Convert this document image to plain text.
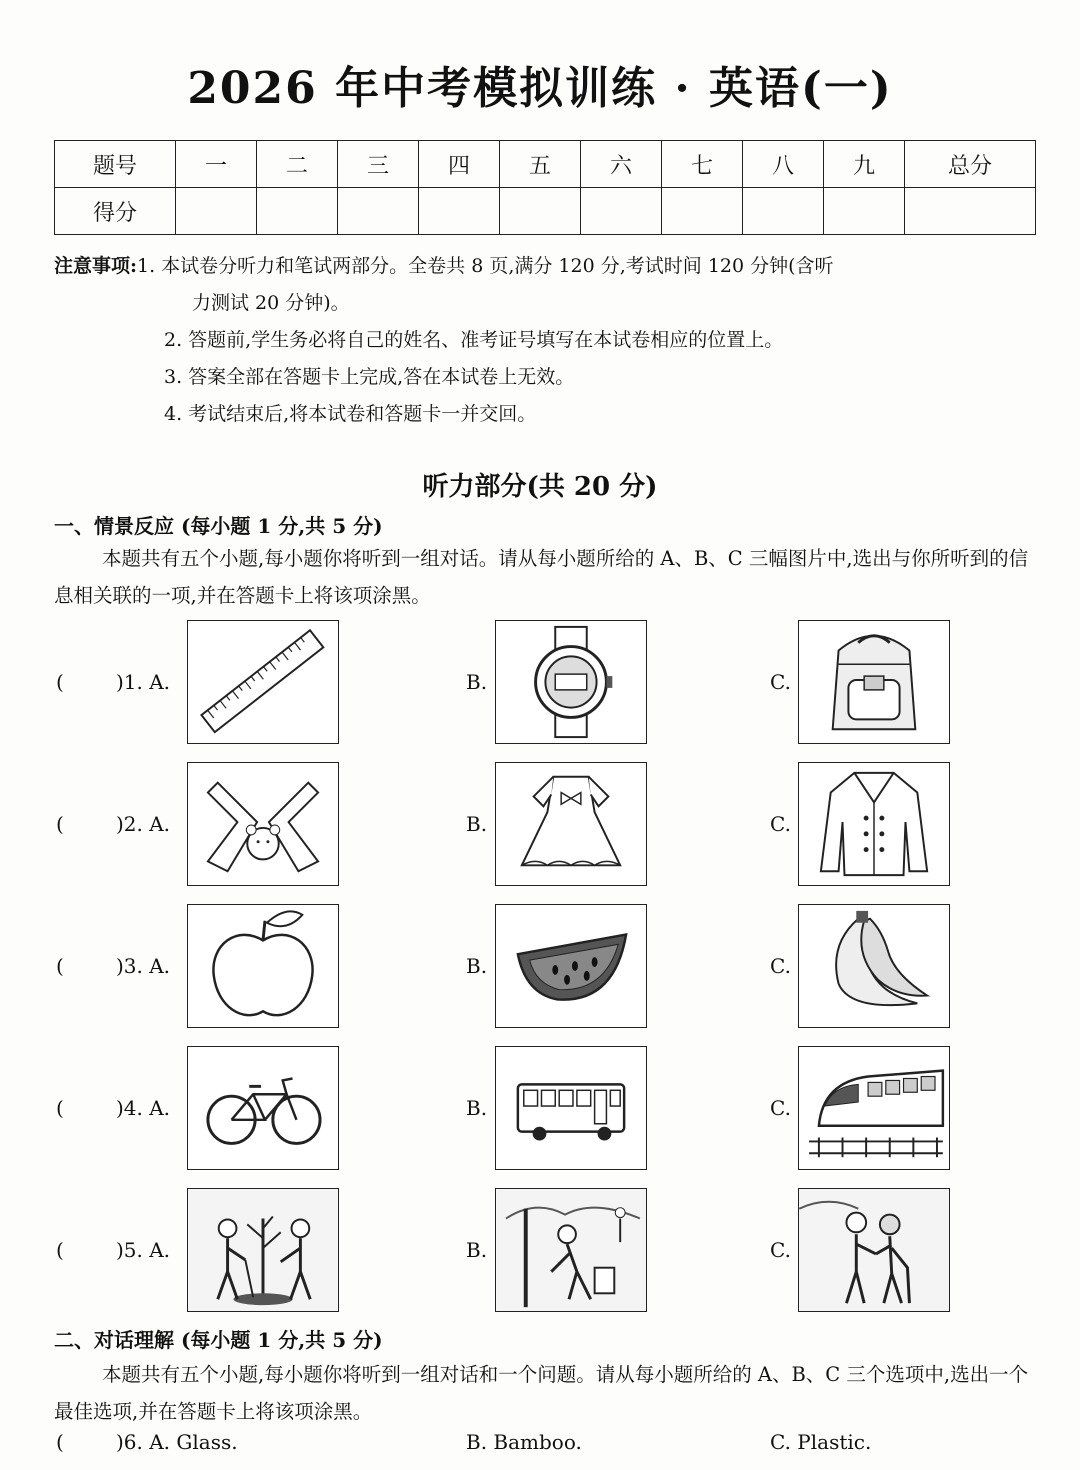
2026 年中考模拟训练 · 英语(一)
题号	一	二	三	四	五	六	七	八	九	总分
得分										
注意事项: 1. 本试卷分听力和笔试两部分。全卷共 8 页,满分 120 分,考试时间 120 分钟(含听
力测试 20 分钟)。
2. 答题前,学生务必将自己的姓名、准考证号填写在本试卷相应的位置上。
3. 答案全部在答题卡上完成,答在本试卷上无效。
4. 考试结束后,将本试卷和答题卡一并交回。
听力部分(共 20 分)
一、情景反应 (每小题 1 分,共 5 分)
本题共有五个小题,每小题你将听到一组对话。请从每小题所给的 A、B、C 三幅图片中,选出与你所听到的信息相关联的一项,并在答题卡上将该项涂黑。
(	)1. A.	B.	C.
(	)2. A.	B.	C.
(	)3. A.	B.	C.
(	)4. A.	B.	C.
(	)5. A.	B.	C.
二、对话理解 (每小题 1 分,共 5 分)
本题共有五个小题,每小题你将听到一组对话和一个问题。请从每小题所给的 A、B、C 三个选项中,选出一个最佳选项,并在答题卡上将该项涂黑。
(	)6. A. Glass.	B. Bamboo.	C. Plastic.
